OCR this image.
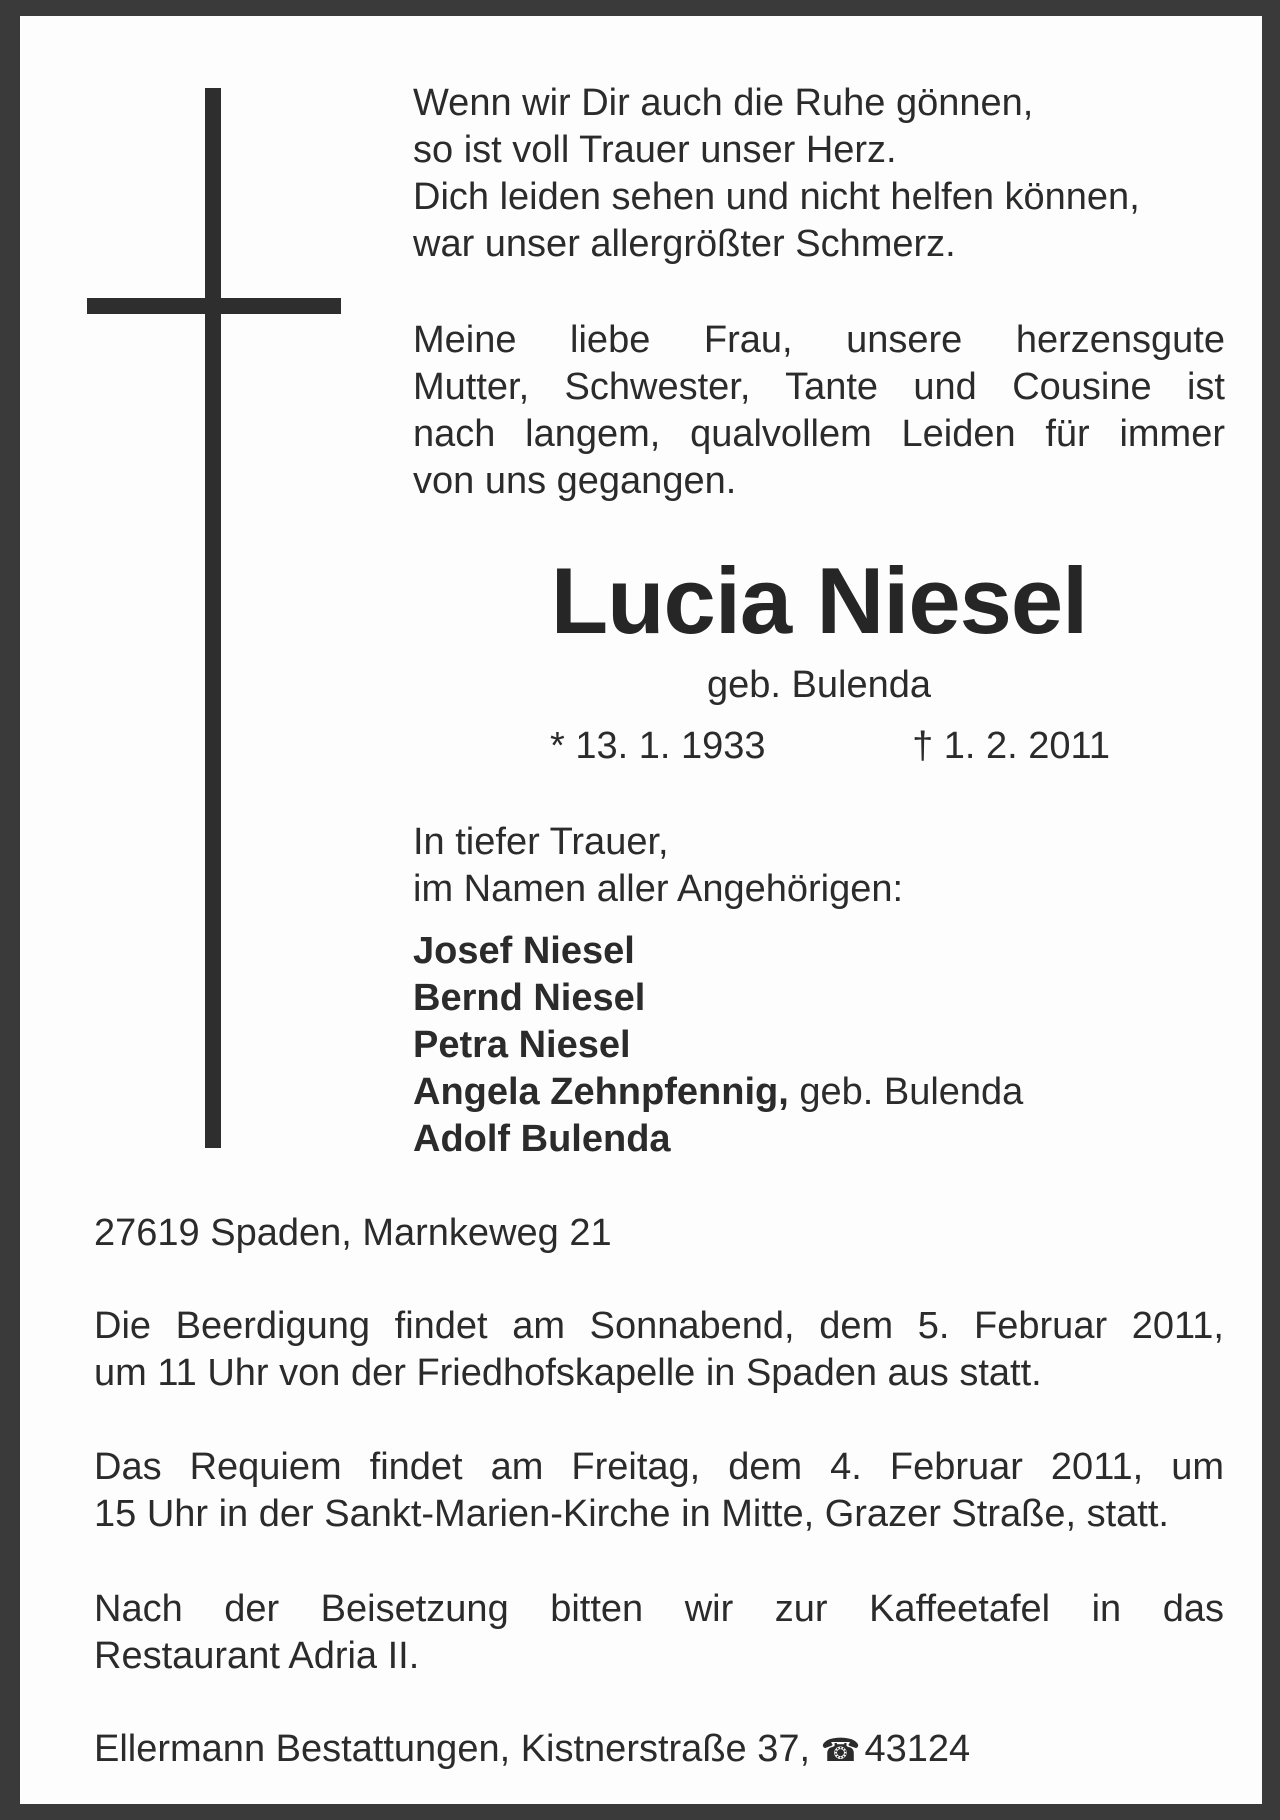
Wenn wir Dir auch die Ruhe gönnen,
so ist voll Trauer unser Herz.
Dich leiden sehen und nicht helfen können,
war unser allergrößter Schmerz.
Meine liebe Frau, unsere herzensgute
Mutter, Schwester, Tante und Cousine ist
nach langem, qualvollem Leiden für immer
von uns gegangen.
Lucia Niesel
geb. Bulenda
* 13. 1. 1933	† 1. 2. 2011
In tiefer Trauer,
im Namen aller Angehörigen:
Josef Niesel
Bernd Niesel
Petra Niesel
Angela Zehnpfennig, geb. Bulenda
Adolf Bulenda
27619 Spaden, Marnkeweg 21
Die Beerdigung findet am Sonnabend, dem 5. Februar 2011,
um 11 Uhr von der Friedhofskapelle in Spaden aus statt.
Das Requiem findet am Freitag, dem 4. Februar 2011, um
15 Uhr in der Sankt-Marien-Kirche in Mitte, Grazer Straße, statt.
Nach der Beisetzung bitten wir zur Kaffeetafel in das
Restaurant Adria II.
Ellermann Bestattungen, Kistnerstraße 37, ☎ 43124
